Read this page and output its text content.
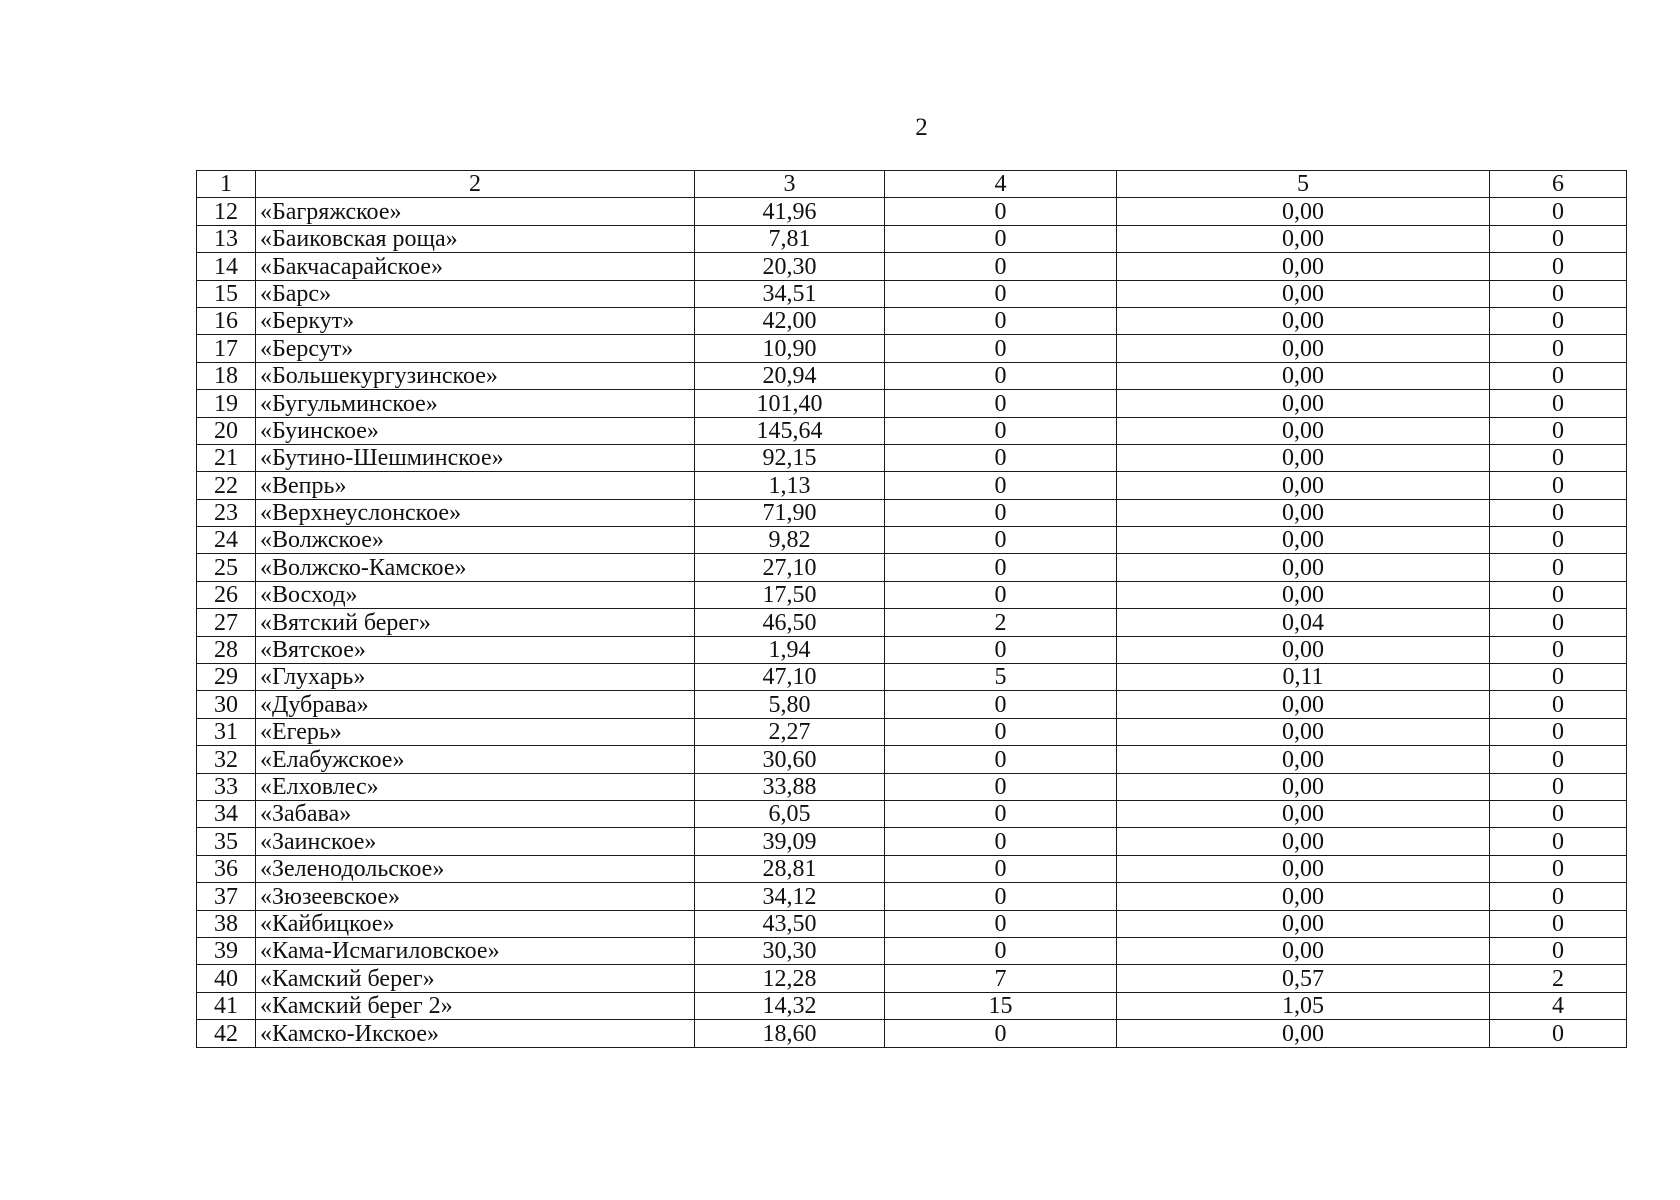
2
1	2	3	4	5	6
12	«Багряжское»	41,96	0	0,00	0
13	«Баиковская роща»	7,81	0	0,00	0
14	«Бакчасарайское»	20,30	0	0,00	0
15	«Барс»	34,51	0	0,00	0
16	«Беркут»	42,00	0	0,00	0
17	«Берсут»	10,90	0	0,00	0
18	«Большекургузинское»	20,94	0	0,00	0
19	«Бугульминское»	101,40	0	0,00	0
20	«Буинское»	145,64	0	0,00	0
21	«Бутино-Шешминское»	92,15	0	0,00	0
22	«Вепрь»	1,13	0	0,00	0
23	«Верхнеуслонское»	71,90	0	0,00	0
24	«Волжское»	9,82	0	0,00	0
25	«Волжско-Камское»	27,10	0	0,00	0
26	«Восход»	17,50	0	0,00	0
27	«Вятский берег»	46,50	2	0,04	0
28	«Вятское»	1,94	0	0,00	0
29	«Глухарь»	47,10	5	0,11	0
30	«Дубрава»	5,80	0	0,00	0
31	«Егерь»	2,27	0	0,00	0
32	«Елабужское»	30,60	0	0,00	0
33	«Елховлес»	33,88	0	0,00	0
34	«Забава»	6,05	0	0,00	0
35	«Заинское»	39,09	0	0,00	0
36	«Зеленодольское»	28,81	0	0,00	0
37	«Зюзеевское»	34,12	0	0,00	0
38	«Кайбицкое»	43,50	0	0,00	0
39	«Кама-Исмагиловское»	30,30	0	0,00	0
40	«Камский берег»	12,28	7	0,57	2
41	«Камский берег 2»	14,32	15	1,05	4
42	«Камско-Икское»	18,60	0	0,00	0
